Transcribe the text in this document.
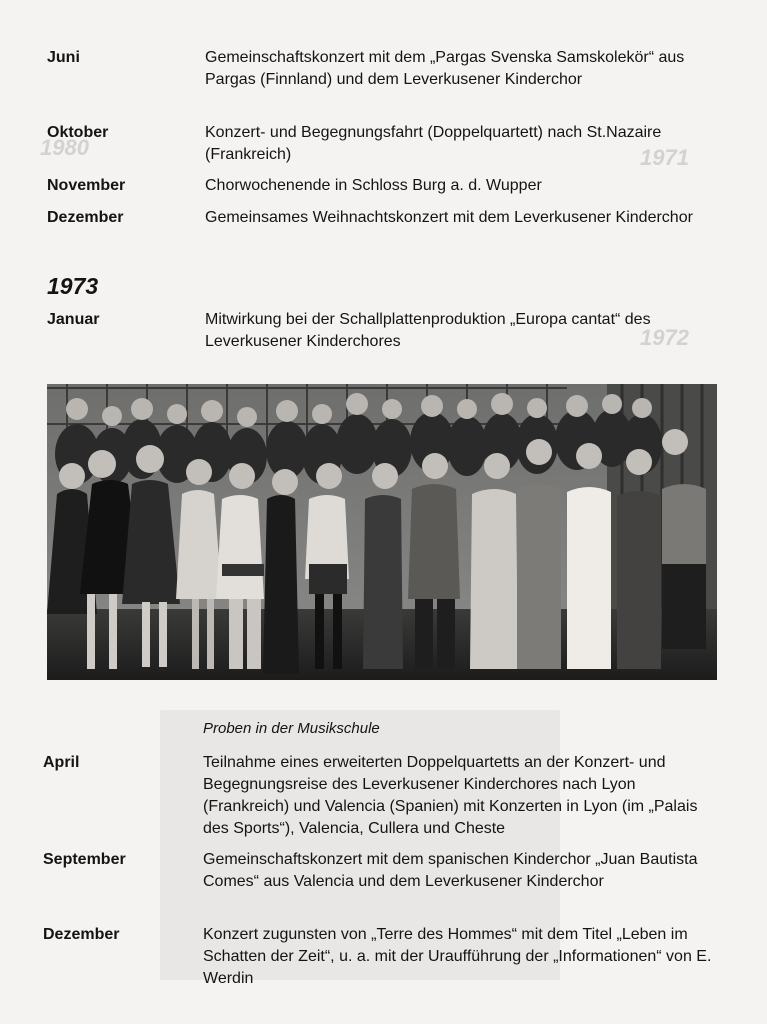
1971
1972
1980
Juni	Gemeinschaftskonzert mit dem „Pargas Svenska Samskolekör“ aus Pargas (Finnland) und dem Leverkusener Kinderchor
Oktober	Konzert- und Begegnungsfahrt (Doppelquartett) nach St.Nazaire (Frankreich)
November	Chorwochenende in Schloss Burg a. d. Wupper
Dezember	Gemeinsames Weihnachtskonzert mit dem Leverkusener Kinderchor
1973
Januar	Mitwirkung bei der Schallplattenproduktion „Europa cantat“ des Leverkusener Kinderchores
Proben in der Musikschule
April	Teilnahme eines erweiterten Doppelquartetts an der Konzert- und Begegnungsreise des Leverkusener Kinderchores nach Lyon (Frankreich) und Valencia (Spanien) mit Konzerten in Lyon (im „Palais des Sports“), Valencia, Cullera und Cheste
September	Gemeinschaftskonzert mit dem spanischen Kinderchor „Juan Bautista Comes“ aus Valencia und dem Leverkusener Kinderchor
Dezember	Konzert zugunsten von „Terre des Hommes“ mit dem Titel „Leben im Schatten der Zeit“, u. a. mit der Uraufführung der „Informationen“ von E. Werdin
